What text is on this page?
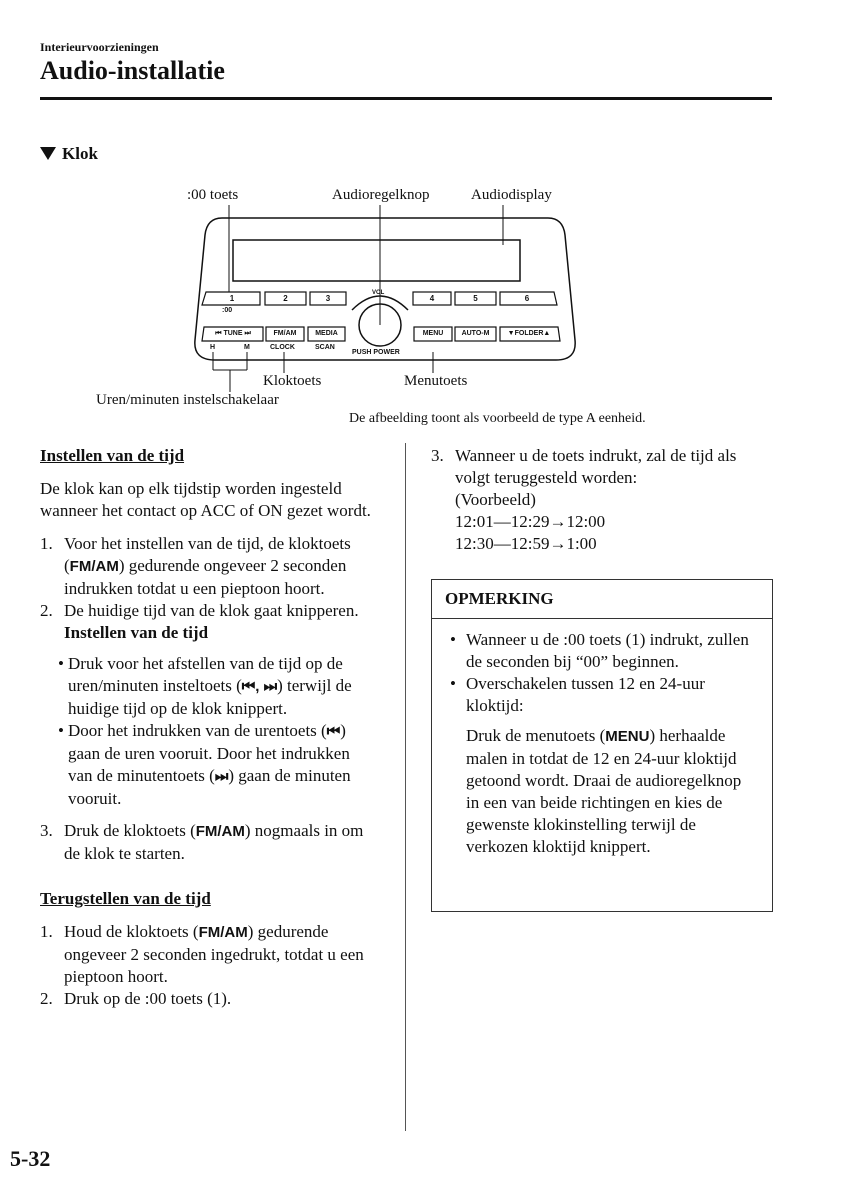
Interieurvoorzieningen
Audio-installatie
Klok
:00 toets	Audioregelknop	Audiodisplay
Kloktoets	Menutoets
Uren/minuten instelschakelaar
De afbeelding toont als voorbeeld de type A eenheid.
1
:00
2	3	4	5	6
VOL
⏮ TUNE ⏭
H	M
FM/AM
CLOCK
MEDIA
SCAN
PUSH POWER
MENU	AUTO-M	▼FOLDER▲

Instellen van de tijd

De klok kan op elk tijdstip worden ingesteld wanneer het contact op ACC of ON gezet wordt.

1. Voor het instellen van de tijd, de kloktoets (FM/AM) gedurende ongeveer 2 seconden indrukken totdat u een pieptoon hoort.
2. De huidige tijd van de klok gaat knipperen.
Instellen van de tijd
• Druk voor het afstellen van de tijd op de uren/minuten insteltoets (⏮, ⏭) terwijl de huidige tijd op de klok knippert.
• Door het indrukken van de urentoets (⏮) gaan de uren vooruit. Door het indrukken van de minutentoets (⏭) gaan de minuten vooruit.
3. Druk de kloktoets (FM/AM) nogmaals in om de klok te starten.

Terugstellen van de tijd

1. Houd de kloktoets (FM/AM) gedurende ongeveer 2 seconden ingedrukt, totdat u een pieptoon hoort.
2. Druk op de :00 toets (1).
3. Wanneer u de toets indrukt, zal de tijd als volgt teruggesteld worden:
(Voorbeeld)
12:01—12:29→12:00
12:30—12:59→1:00
OPMERKING
• Wanneer u de :00 toets (1) indrukt, zullen de seconden bij “00” beginnen.
• Overschakelen tussen 12 en 24-uur kloktijd:

Druk de menutoets (MENU) herhaalde malen in totdat de 12 en 24-uur kloktijd getoond wordt. Draai de audioregelknop in een van beide richtingen en kies de gewenste klokinstelling terwijl de verkozen kloktijd knippert.

5-32
